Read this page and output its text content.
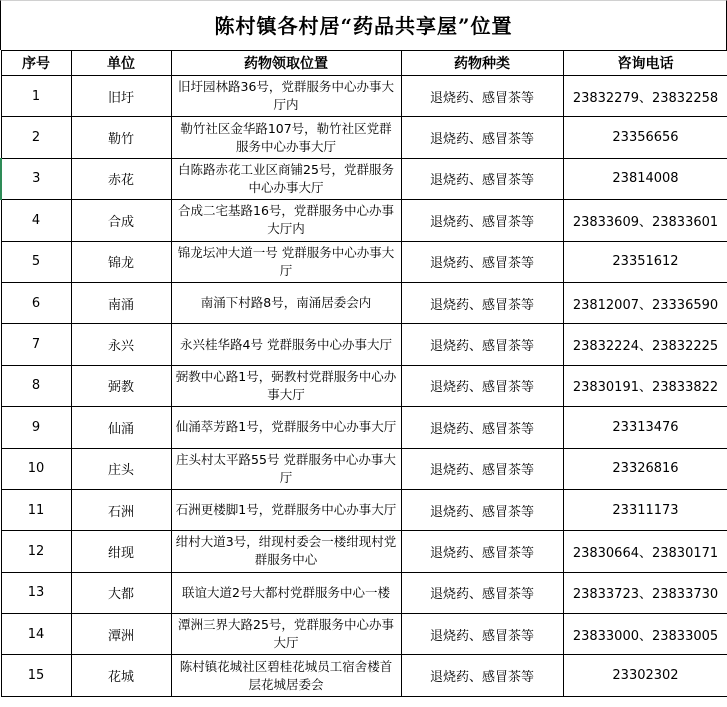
陈村镇各村居“药品共享屋”位置
序号	单位	药物领取位置	药物种类	咨询电话
1	旧圩	旧圩园林路36号，党群服务中心办事大厅内	退烧药、感冒茶等	23832279、23832258
2	勒竹	勒竹社区金华路107号，勒竹社区党群服务中心办事大厅	退烧药、感冒茶等	23356656
3	赤花	白陈路赤花工业区商铺25号，党群服务中心办事大厅	退烧药、感冒茶等	23814008
4	合成	合成二宅基路16号，党群服务中心办事大厅内	退烧药、感冒茶等	23833609、23833601
5	锦龙	锦龙坛冲大道一号 党群服务中心办事大厅	退烧药、感冒茶等	23351612
6	南涌	南涌下村路8号，南涌居委会内	退烧药、感冒茶等	23812007、23336590
7	永兴	永兴桂华路4号 党群服务中心办事大厅	退烧药、感冒茶等	23832224、23832225
8	弼教	弼教中心路1号，弼教村党群服务中心办事大厅	退烧药、感冒茶等	23830191、23833822
9	仙涌	仙涌萃芳路1号，党群服务中心办事大厅	退烧药、感冒茶等	23313476
10	庄头	庄头村太平路55号 党群服务中心办事大厅	退烧药、感冒茶等	23326816
11	石洲	石洲更楼脚1号，党群服务中心办事大厅	退烧药、感冒茶等	23311173
12	绀现	绀村大道3号，绀现村委会一楼绀现村党群服务中心	退烧药、感冒茶等	23830664、23830171
13	大都	联谊大道2号大都村党群服务中心一楼	退烧药、感冒茶等	23833723、23833730
14	潭洲	潭洲三界大路25号，党群服务中心办事大厅	退烧药、感冒茶等	23833000、23833005
15	花城	陈村镇花城社区碧桂花城员工宿舍楼首层花城居委会	退烧药、感冒茶等	23302302
